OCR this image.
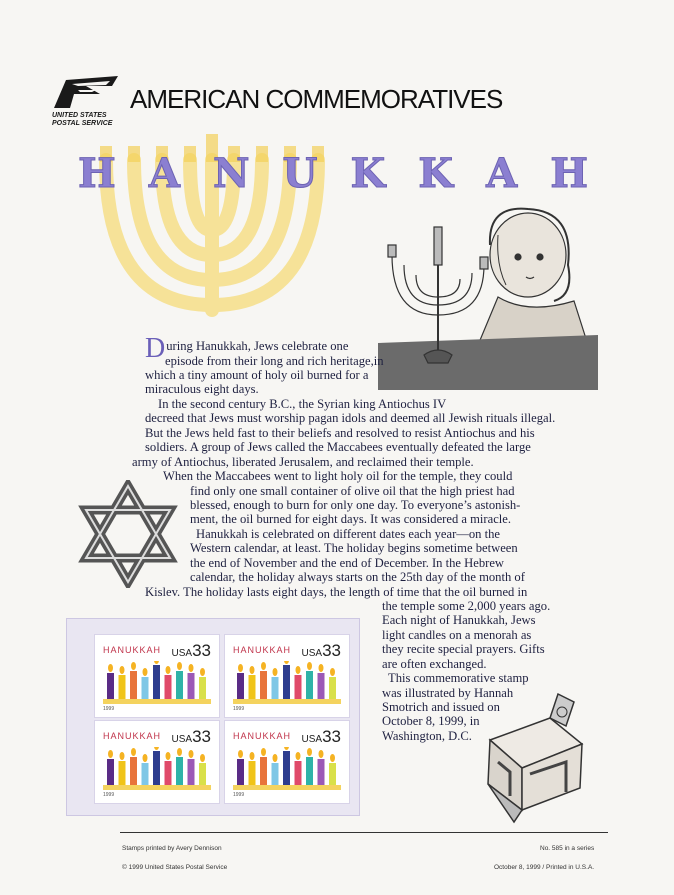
UNITED STATES
POSTAL SERVICE
AMERICAN COMMEMORATIVES
H A N U K K A H
During Hanukkah, Jews celebrate one
episode from their long and rich heritage,in
which a tiny amount of holy oil burned for a
miraculous eight days.
In the second century B.C., the Syrian king Antiochus IV
decreed that Jews must worship pagan idols and deemed all Jewish rituals illegal.
But the Jews held fast to their beliefs and resolved to resist Antiochus and his
soldiers. A group of Jews called the Maccabees eventually defeated the large
army of Antiochus, liberated Jerusalem, and reclaimed their temple.
When the Maccabees went to light holy oil for the temple, they could
find only one small container of olive oil that the high priest had
blessed, enough to burn for only one day. To everyone’s astonish-
ment, the oil burned for eight days. It was considered a miracle.
Hanukkah is celebrated on different dates each year—on the
Western calendar, at least. The holiday begins sometime between
the end of November and the end of December. In the Hebrew
calendar, the holiday always starts on the 25th day of the month of
Kislev. The holiday lasts eight days, the length of time that the oil burned in
the temple some 2,000 years ago.
Each night of Hanukkah, Jews
light candles on a menorah as
they recite special prayers. Gifts
are often exchanged.
This commemorative stamp
was illustrated by Hannah
Smotrich and issued on
October 8, 1999, in
Washington, D.C.
HANUKKAH USA33
1999
HANUKKAH USA33
1999
HANUKKAH USA33
1999
HANUKKAH USA33
1999
Stamps printed by Avery Dennison
© 1999 United States Postal Service
No. 585 in a series
October 8, 1999 / Printed in U.S.A.
